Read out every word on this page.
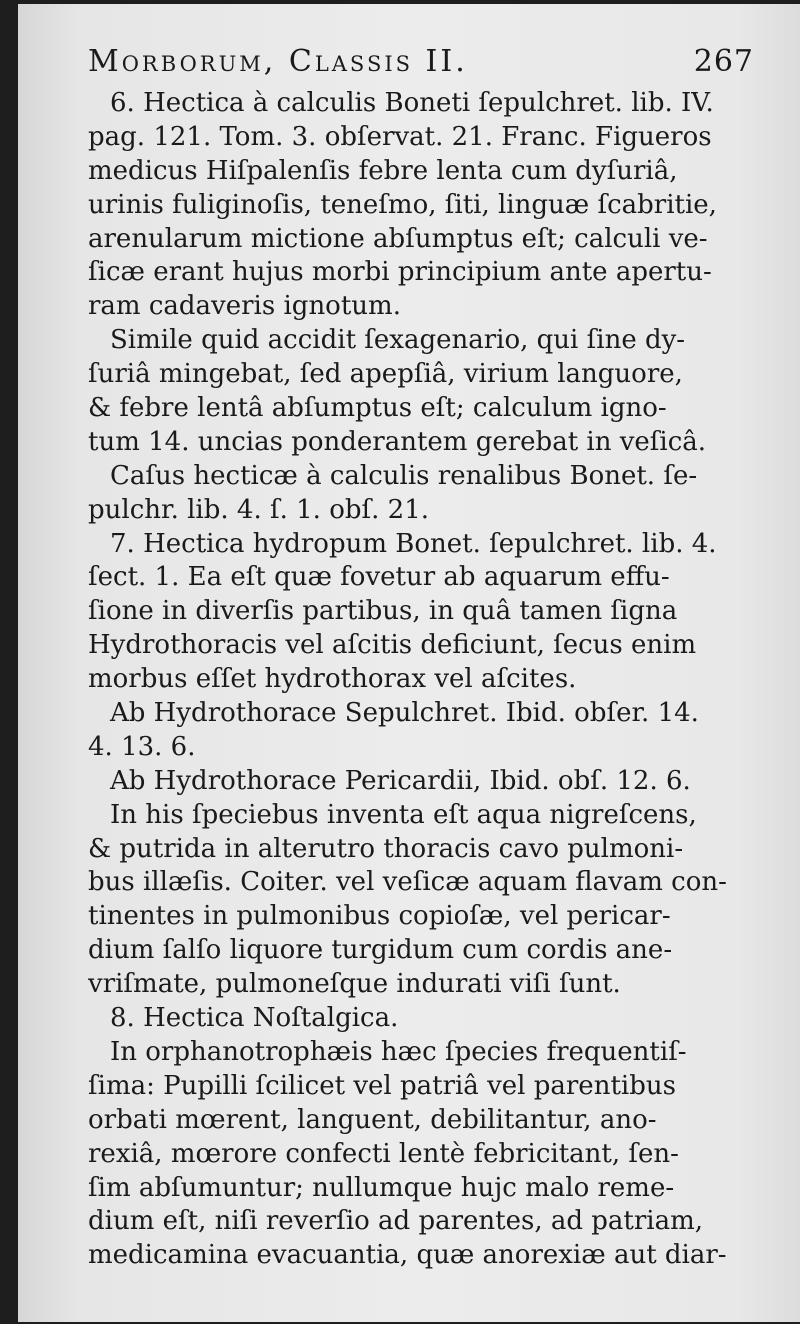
Morborum, Classis II.	267
6. Hectica à calculis Boneti ſepulchret. lib. IV.
pag. 121. Tom. 3. obſervat. 21. Franc. Figueros
medicus Hiſpalenſis febre lenta cum dyſuriâ,
urinis fuliginoſis, teneſmo, ſiti, linguæ ſcabritie,
arenularum mictione abſumptus eſt; calculi ve-
ſicæ erant hujus morbi principium ante apertu-
ram cadaveris ignotum.
Simile quid accidit ſexagenario, qui ſine dy-
ſuriâ mingebat, ſed apepſiâ, virium languore,
& febre lentâ abſumptus eſt; calculum igno-
tum 14. uncias ponderantem gerebat in veſicâ.
Caſus hecticæ à calculis renalibus Bonet. ſe-
pulchr. lib. 4. ſ. 1. obſ. 21.
7. Hectica hydropum Bonet. ſepulchret. lib. 4.
ſect. 1. Ea eſt quæ fovetur ab aquarum effu-
ſione in diverſis partibus, in quâ tamen ſigna
Hydrothoracis vel aſcitis deficiunt, ſecus enim
morbus eſſet hydrothorax vel aſcites.
Ab Hydrothorace Sepulchret. Ibid. obſer. 14.
4. 13. 6.
Ab Hydrothorace Pericardii, Ibid. obſ. 12. 6.
In his ſpeciebus inventa eſt aqua nigreſcens,
& putrida in alterutro thoracis cavo pulmoni-
bus illæſis. Coiter. vel veſicæ aquam flavam con-
tinentes in pulmonibus copioſæ, vel pericar-
dium ſalſo liquore turgidum cum cordis ane-
vriſmate, pulmoneſque indurati viſi ſunt.
8. Hectica Noſtalgica.
In orphanotrophæis hæc ſpecies frequentiſ-
ſima: Pupilli ſcilicet vel patriâ vel parentibus
orbati mœrent, languent, debilitantur, ano-
rexiâ, mœrore confecti lentè febricitant, ſen-
ſim abſumuntur; nullumque hujc malo reme-
dium eſt, niſi reverſio ad parentes, ad patriam,
medicamina evacuantia, quæ anorexiæ aut diar-
